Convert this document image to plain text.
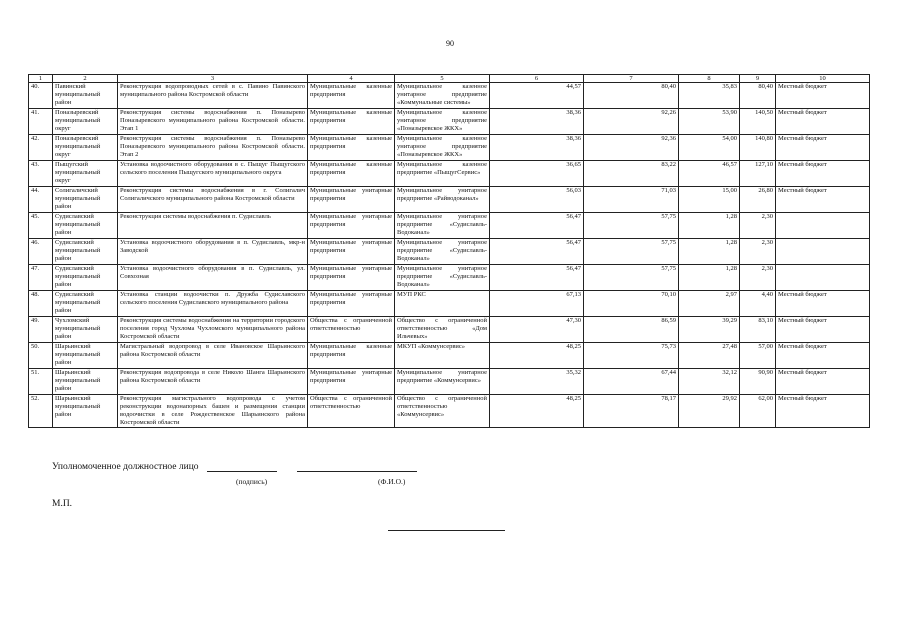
90
1	2	3	4	5	6	7	8	9	10
40.	Павинский муниципальный район	Реконструкция водопроводных сетей в с. Павино Павинского муниципального района Костромской области	Муниципальные казенные предприятия	Муниципальное казенное унитарное предприятие «Коммунальные системы»	44,57	80,40	35,83	80,40	Местный бюджет
41.	Поназыревский муниципальный округ	Реконструкция системы водоснабжения п. Поназырево Поназыревского муниципального района Костромской области. Этап 1	Муниципальные казенные предприятия	Муниципальное казенное унитарное предприятие «Поназыревское ЖКХ»	38,36	92,26	53,90	140,50	Местный бюджет
42.	Поназыревский муниципальный округ	Реконструкция системы водоснабжения п. Поназырево Поназыревского муниципального района Костромской области. Этап 2	Муниципальные казенные предприятия	Муниципальное казенное унитарное предприятие «Поназыревское ЖКХ»	38,36	92,36	54,00	140,80	Местный бюджет
43.	Пыщугский муниципальный округ	Установка водоочистного оборудования в с. Пыщуг Пыщугского сельского поселения Пыщугского муниципального округа	Муниципальные казенные предприятия	Муниципальное казенное предприятие «ПыщугСервис»	36,65	83,22	46,57	127,10	Местный бюджет
44.	Солигаличский муниципальный район	Реконструкция системы водоснабжения в г. Солигалич Солигаличского муниципального района Костромской области	Муниципальные унитарные предприятия	Муниципальное унитарное предприятие «Райводоканал»	56,03	71,03	15,00	26,80	Местный бюджет
45.	Судиславский муниципальный район	Реконструкция системы водоснабжения п. Судиславль	Муниципальные унитарные предприятия	Муниципальное унитарное предприятие «Судиславль-Водоканал»	56,47	57,75	1,28	2,30	
46.	Судиславский муниципальный район	Установка водоочистного оборудования в п. Судиславль, мкр-н Заводской	Муниципальные унитарные предприятия	Муниципальное унитарное предприятие «Судиславль-Водоканал»	56,47	57,75	1,28	2,30	
47.	Судиславский муниципальный район	Установка водоочистного оборудования в п. Судиславль, ул. Совхозная	Муниципальные унитарные предприятия	Муниципальное унитарное предприятие «Судиславль-Водоканал»	56,47	57,75	1,28	2,30	
48.	Судиславский муниципальный район	Установка станции водоочистки п. Дружба Судиславского сельского поселения Судиславского муниципального района	Муниципальные унитарные предприятия	МУП РКС	67,13	70,10	2,97	4,40	Местный бюджет
49.	Чухломский муниципальный район	Реконструкция системы водоснабжения на территории городского поселения город Чухлома Чухломского муниципального района Костромской области	Общества с ограниченной ответственностью	Общество с ограниченной ответственностью «Дом Ильчевых»	47,30	86,59	39,29	83,10	Местный бюджет
50.	Шарьинский муниципальный район	Магистральный водопровод в селе Ивановское Шарьинского района Костромской области	Муниципальные казенные предприятия	МКУП «Коммунсервис»	48,25	75,73	27,48	57,00	Местный бюджет
51.	Шарьинский муниципальный район	Реконструкция водопровода в селе Николо Шанга Шарьинского района Костромской области	Муниципальные унитарные предприятия	Муниципальное унитарное предприятие «Коммунсервис»	35,32	67,44	32,12	90,90	Местный бюджет
52.	Шарьинский муниципальный район	Реконструкция магистрального водопровода с учетом реконструкции водонапорных башен и размещения станции водоочистки в селе Рождественское Шарьинского района Костромской области	Общества с ограниченной ответственностью	Общество с ограниченной ответственностью «Коммунсервис»	48,25	78,17	29,92	62,00	Местный бюджет
Уполномоченное должностное лицо
(подпись)	(Ф.И.О.)
М.П.
